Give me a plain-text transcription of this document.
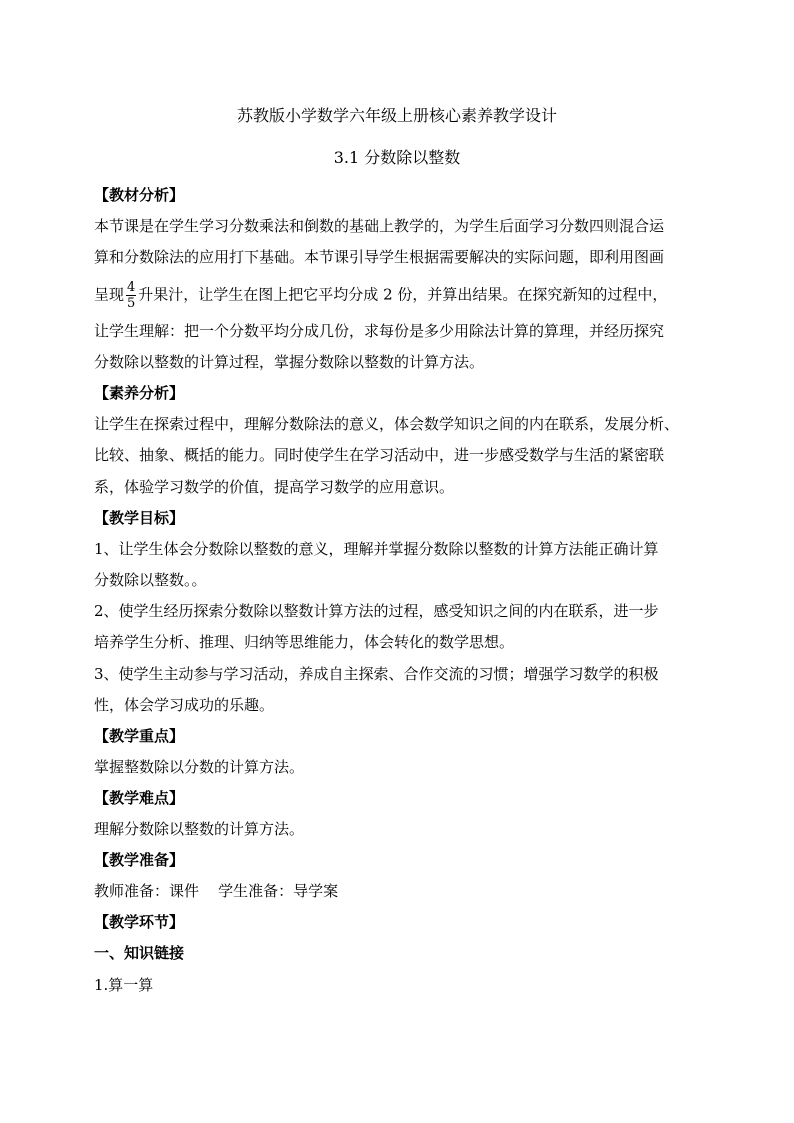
苏教版小学数学六年级上册核心素养教学设计
3.1 分数除以整数
【教材分析】
本节课是在学生学习分数乘法和倒数的基础上教学的，为学生后面学习分数四则混合运
算和分数除法的应用打下基础。本节课引导学生根据需要解决的实际问题，即利用图画
呈现 $\frac{4}{5}$ 升果汁，让学生在图上把它平均分成 2 份，并算出结果。在探究新知的过程中，
让学生理解：把一个分数平均分成几份，求每份是多少用除法计算的算理，并经历探究
分数除以整数的计算过程，掌握分数除以整数的计算方法。
【素养分析】
让学生在探索过程中，理解分数除法的意义，体会数学知识之间的内在联系，发展分析、
比较、抽象、概括的能力。同时使学生在学习活动中，进一步感受数学与生活的紧密联
系，体验学习数学的价值，提高学习数学的应用意识。
【教学目标】
1、让学生体会分数除以整数的意义，理解并掌握分数除以整数的计算方法能正确计算
分数除以整数。。
2、使学生经历探索分数除以整数计算方法的过程，感受知识之间的内在联系，进一步
培养学生分析、推理、归纳等思维能力，体会转化的数学思想。
3、使学生主动参与学习活动，养成自主探索、合作交流的习惯；增强学习数学的积极
性，体会学习成功的乐趣。
【教学重点】
掌握整数除以分数的计算方法。
【教学难点】
理解分数除以整数的计算方法。
【教学准备】
教师准备：课件    学生准备：导学案
【教学环节】
一、知识链接
1.算一算
